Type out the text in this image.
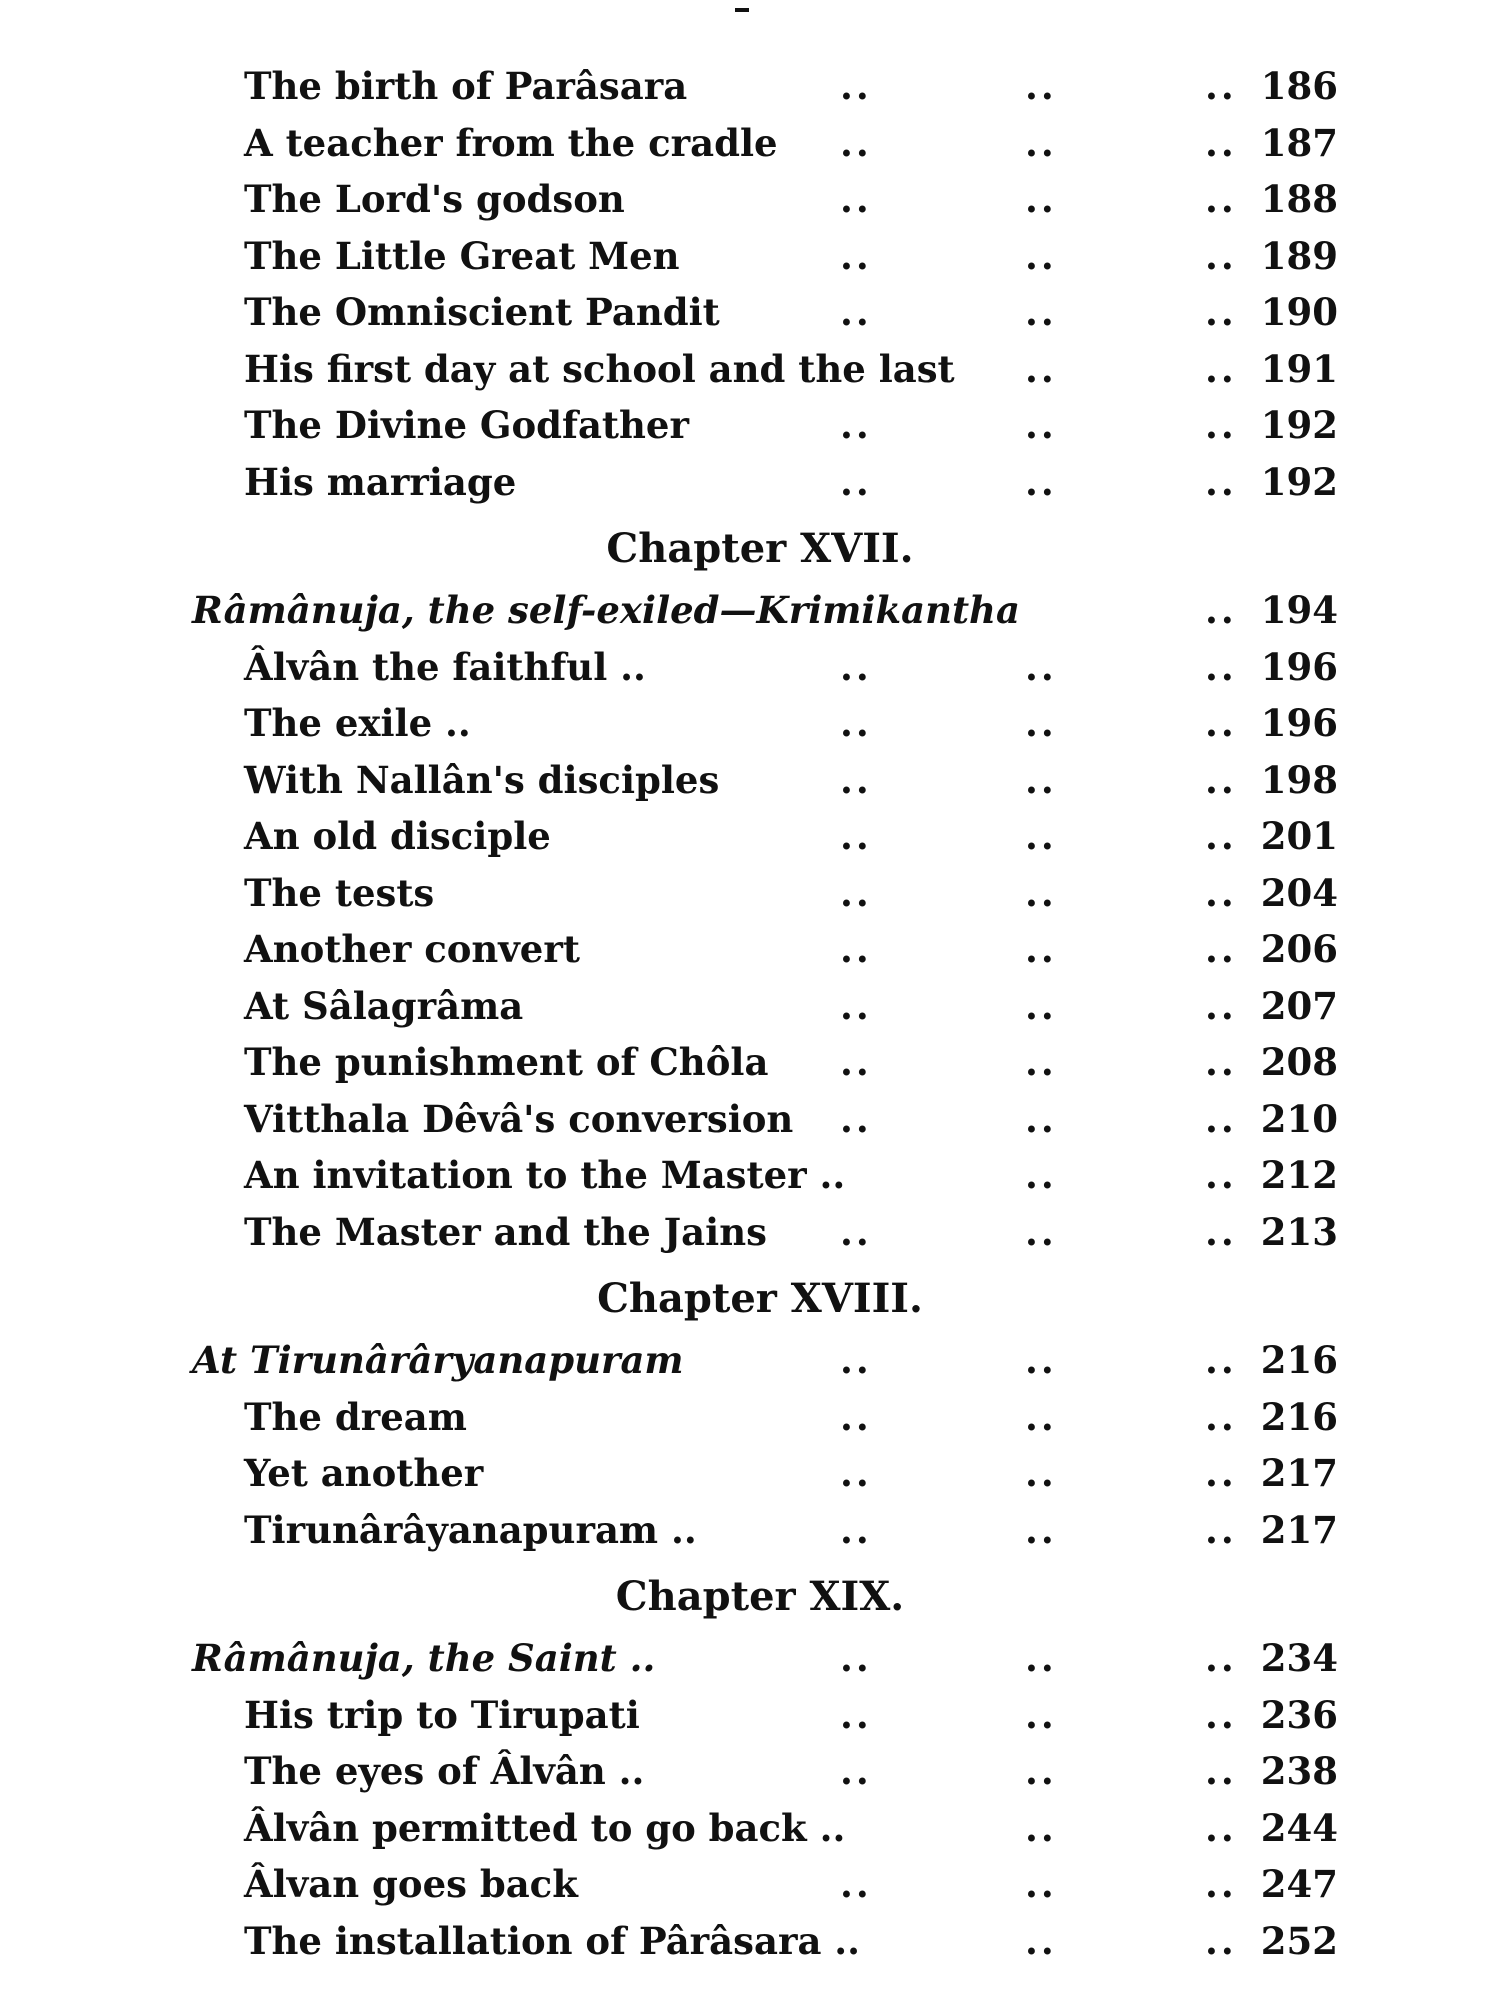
The birth of Parâsara	..	..	.. 186
A teacher from the cradle ..	..	.. 187
The Lord's godson	..	..	.. 188
The Little Great Men	..	..	.. 189
The Omniscient Pandit	..	..	.. 190
His first day at school and the last ..	.. 191
The Divine Godfather	..	..	.. 192
His marriage	..	..	.. 192
Chapter XVII.
Râmânuja, the self-exiled—Krimikantha	.. 194
Âlvân the faithful ..	..	..	.. 196
The exile ..	..	..	.. 196
With Nallân's disciples	..	..	.. 198
An old disciple	..	..	.. 201
The tests	..	..	.. 204
Another convert	..	..	.. 206
At Sâlagrâma	..	..	.. 207
The punishment of Chôla ..	..	.. 208
Vitthala Dêvâ's conversion ..	..	.. 210
An invitation to the Master ..	..	.. 212
The Master and the Jains ..	..	.. 213
Chapter XVIII.
At Tirunârâryanapuram	..	..	.. 216
The dream	..	..	.. 216
Yet another	..	..	.. 217
Tirunârâyanapuram ..	..	..	.. 217
Chapter XIX.
Râmânuja, the Saint ..	..	..	.. 234
His trip to Tirupati	..	..	.. 236
The eyes of Âlvân ..	..	..	.. 238
Âlvân permitted to go back ..	..	.. 244
Âlvan goes back	..	..	.. 247
The installation of Pârâsara ..	..	.. 252
